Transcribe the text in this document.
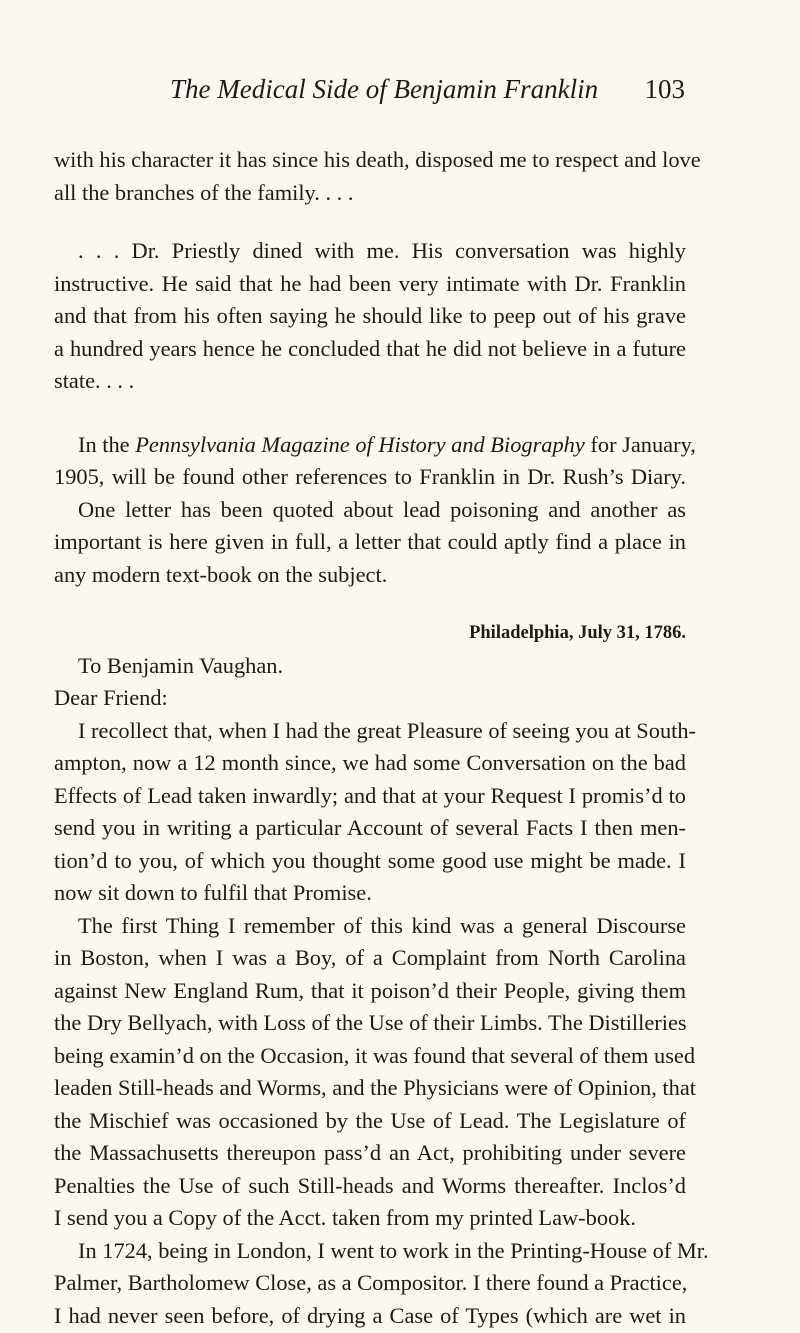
The Medical Side of Benjamin Franklin 103
with his character it has since his death, disposed me to respect and love
all the branches of the family. . . .
. . . Dr. Priestly dined with me. His conversation was highly
instructive. He said that he had been very intimate with Dr. Franklin
and that from his often saying he should like to peep out of his grave
a hundred years hence he concluded that he did not believe in a future
state. . . .
In the Pennsylvania Magazine of History and Biography for January,
1905, will be found other references to Franklin in Dr. Rush’s Diary.
One letter has been quoted about lead poisoning and another as
important is here given in full, a letter that could aptly find a place in
any modern text-book on the subject.
Philadelphia, July 31, 1786.
To Benjamin Vaughan.
Dear Friend:
I recollect that, when I had the great Pleasure of seeing you at South-
ampton, now a 12 month since, we had some Conversation on the bad
Effects of Lead taken inwardly; and that at your Request I promis’d to
send you in writing a particular Account of several Facts I then men-
tion’d to you, of which you thought some good use might be made. I
now sit down to fulfil that Promise.
The first Thing I remember of this kind was a general Discourse
in Boston, when I was a Boy, of a Complaint from North Carolina
against New England Rum, that it poison’d their People, giving them
the Dry Bellyach, with Loss of the Use of their Limbs. The Distilleries
being examin’d on the Occasion, it was found that several of them used
leaden Still-heads and Worms, and the Physicians were of Opinion, that
the Mischief was occasioned by the Use of Lead. The Legislature of
the Massachusetts thereupon pass’d an Act, prohibiting under severe
Penalties the Use of such Still-heads and Worms thereafter. Inclos’d
I send you a Copy of the Acct. taken from my printed Law-book.
In 1724, being in London, I went to work in the Printing-House of Mr.
Palmer, Bartholomew Close, as a Compositor. I there found a Practice,
I had never seen before, of drying a Case of Types (which are wet in
